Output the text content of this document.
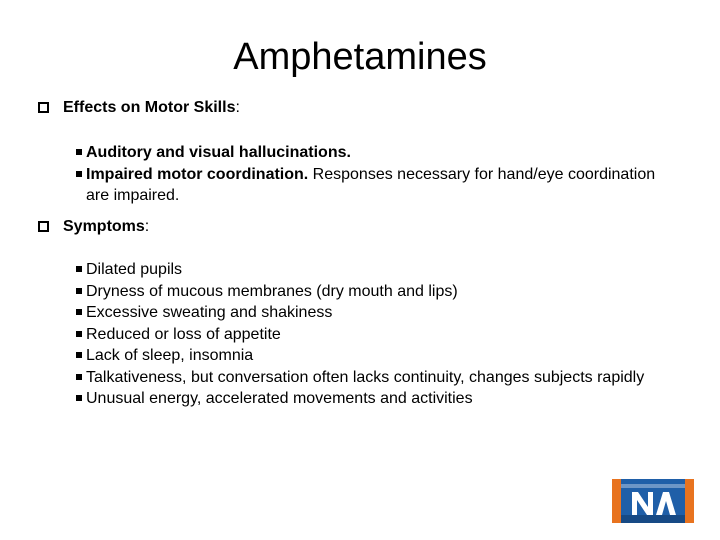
Amphetamines
Effects on Motor Skills:
Auditory and visual hallucinations.
Impaired motor coordination. Responses necessary for hand/eye coordination are impaired.
Symptoms:
Dilated pupils
Dryness of mucous membranes (dry mouth and lips)
Excessive sweating and shakiness
Reduced or loss of appetite
Lack of sleep, insomnia
Talkativeness, but conversation often lacks continuity, changes subjects rapidly
Unusual energy, accelerated movements and activities
